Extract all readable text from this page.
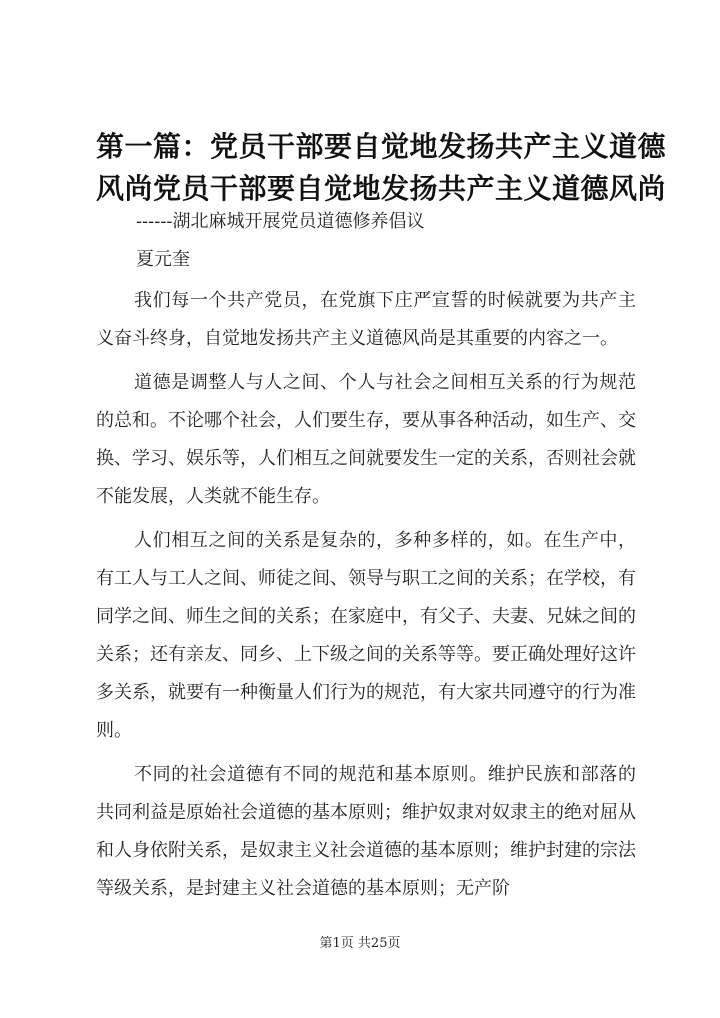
第一篇：党员干部要自觉地发扬共产主义道德
风尚党员干部要自觉地发扬共产主义道德风尚

------湖北麻城开展党员道德修养倡议

夏元奎

我们每一个共产党员，在党旗下庄严宣誓的时候就要为共产主义奋斗终身，自觉地发扬共产主义道德风尚是其重要的内容之一。

道德是调整人与人之间、个人与社会之间相互关系的行为规范的总和。不论哪个社会，人们要生存，要从事各种活动，如生产、交换、学习、娱乐等，人们相互之间就要发生一定的关系，否则社会就不能发展，人类就不能生存。

人们相互之间的关系是复杂的，多种多样的，如。在生产中，有工人与工人之间、师徒之间、领导与职工之间的关系；在学校，有同学之间、师生之间的关系；在家庭中，有父子、夫妻、兄妹之间的关系；还有亲友、同乡、上下级之间的关系等等。要正确处理好这许多关系，就要有一种衡量人们行为的规范，有大家共同遵守的行为准则。

不同的社会道德有不同的规范和基本原则。维护民族和部落的共同利益是原始社会道德的基本原则；维护奴隶对奴隶主的绝对屈从和人身依附关系，是奴隶主义社会道德的基本原则；维护封建的宗法等级关系，是封建主义社会道德的基本原则；无产阶

第1页 共25页
